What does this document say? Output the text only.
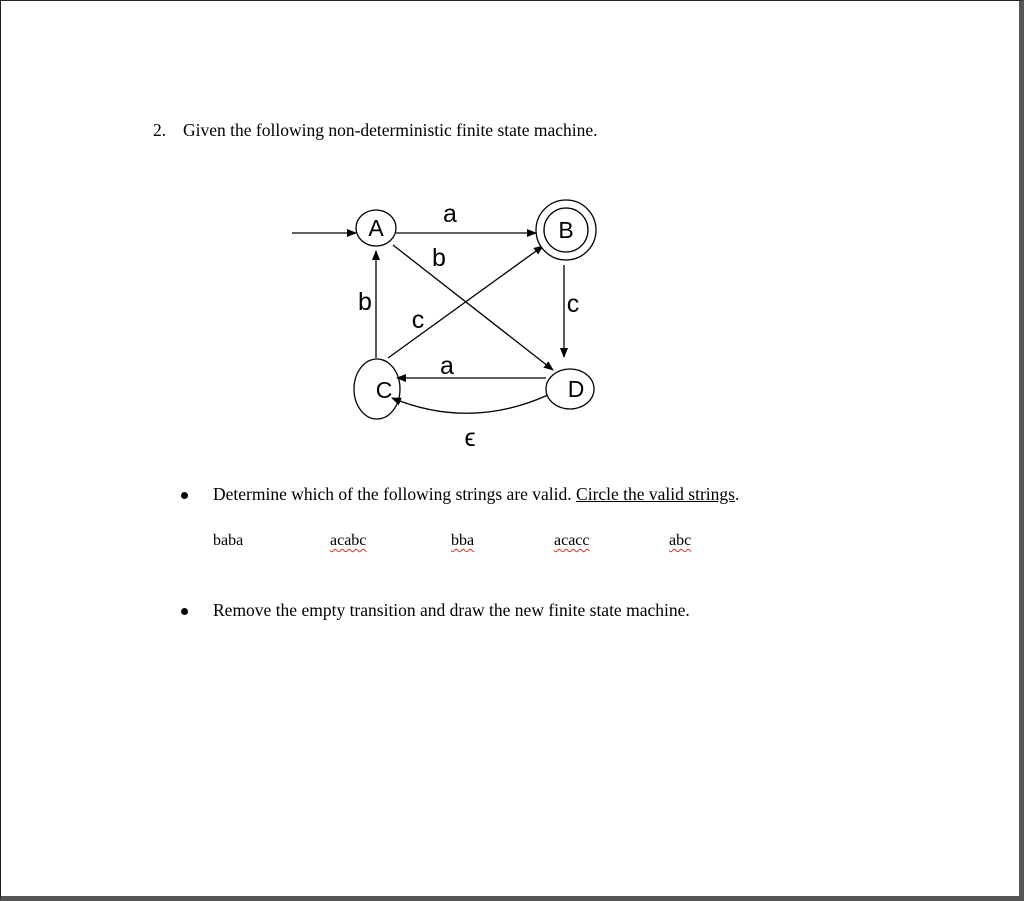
2. Given the following non-deterministic finite state machine.
A	B
C	D
a
b
b
c
c
a
ϵ
Determine which of the following strings are valid. Circle the valid strings.
baba	acabc	bba	acacc	abc
Remove the empty transition and draw the new finite state machine.
